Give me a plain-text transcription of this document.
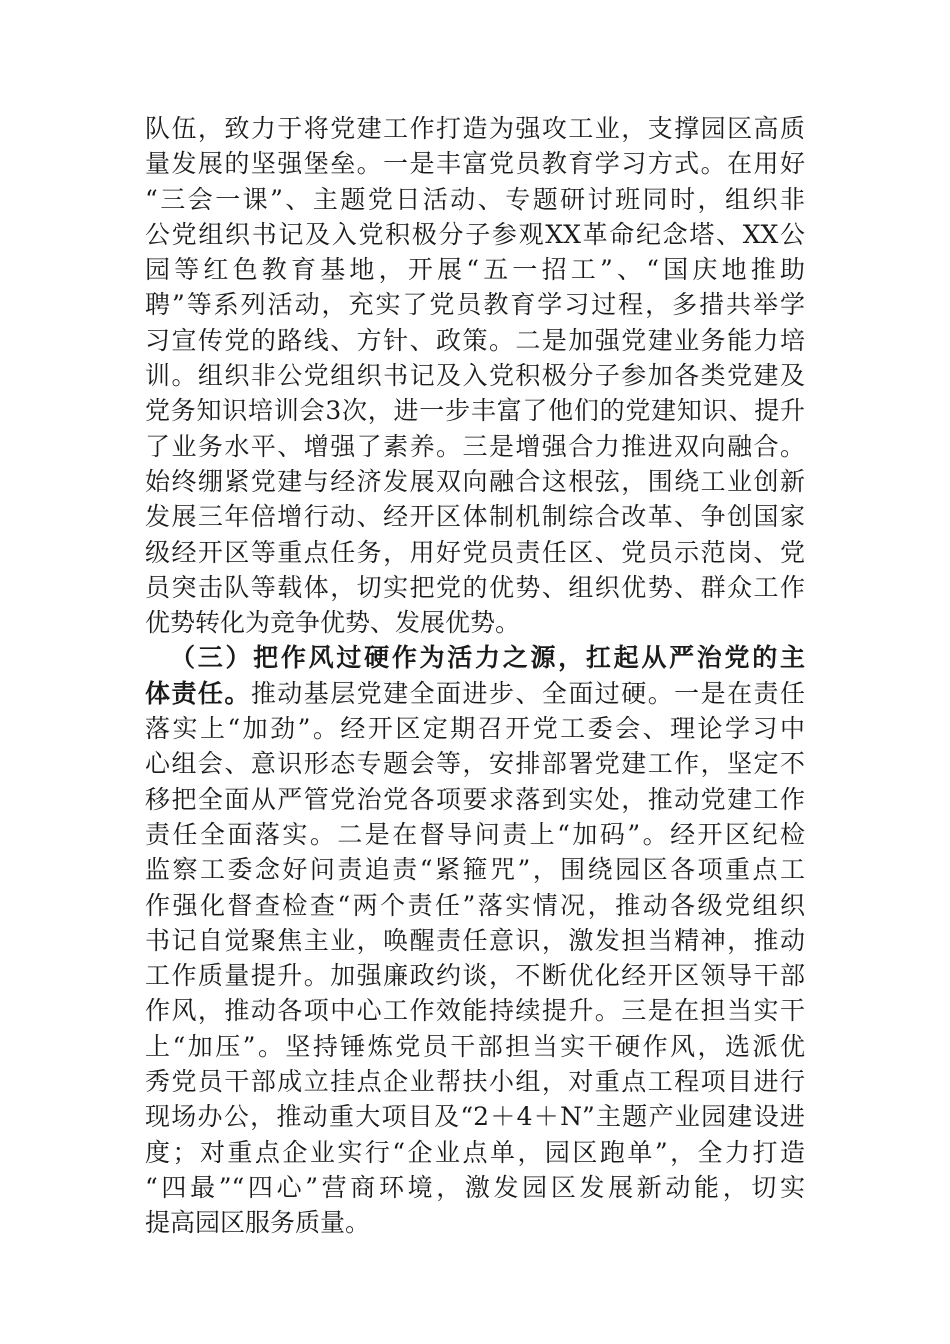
队伍，致力于将党建工作打造为强攻工业，支撑园区高质
量发展的坚强堡垒。一是丰富党员教育学习方式。在用好
“三会一课”、主题党日活动、专题研讨班同时，组织非
公党组织书记及入党积极分子参观XX革命纪念塔、XX公
园等红色教育基地，开展“五一招工”、“国庆地推助
聘”等系列活动，充实了党员教育学习过程，多措共举学
习宣传党的路线、方针、政策。二是加强党建业务能力培
训。组织非公党组织书记及入党积极分子参加各类党建及
党务知识培训会3次，进一步丰富了他们的党建知识、提升
了业务水平、增强了素养。三是增强合力推进双向融合。
始终绷紧党建与经济发展双向融合这根弦，围绕工业创新
发展三年倍增行动、经开区体制机制综合改革、争创国家
级经开区等重点任务，用好党员责任区、党员示范岗、党
员突击队等载体，切实把党的优势、组织优势、群众工作
优势转化为竞争优势、发展优势。
（三）把作风过硬作为活力之源，扛起从严治党的主
体责任。推动基层党建全面进步、全面过硬。一是在责任
落实上“加劲”。经开区定期召开党工委会、理论学习中
心组会、意识形态专题会等，安排部署党建工作，坚定不
移把全面从严管党治党各项要求落到实处，推动党建工作
责任全面落实。二是在督导问责上“加码”。经开区纪检
监察工委念好问责追责“紧箍咒”，围绕园区各项重点工
作强化督查检查“两个责任”落实情况，推动各级党组织
书记自觉聚焦主业，唤醒责任意识，激发担当精神，推动
工作质量提升。加强廉政约谈，不断优化经开区领导干部
作风，推动各项中心工作效能持续提升。三是在担当实干
上“加压”。坚持锤炼党员干部担当实干硬作风，选派优
秀党员干部成立挂点企业帮扶小组，对重点工程项目进行
现场办公，推动重大项目及“2＋4＋N”主题产业园建设进
度；对重点企业实行“企业点单，园区跑单”，全力打造
“四最”“四心”营商环境，激发园区发展新动能，切实
提高园区服务质量。
